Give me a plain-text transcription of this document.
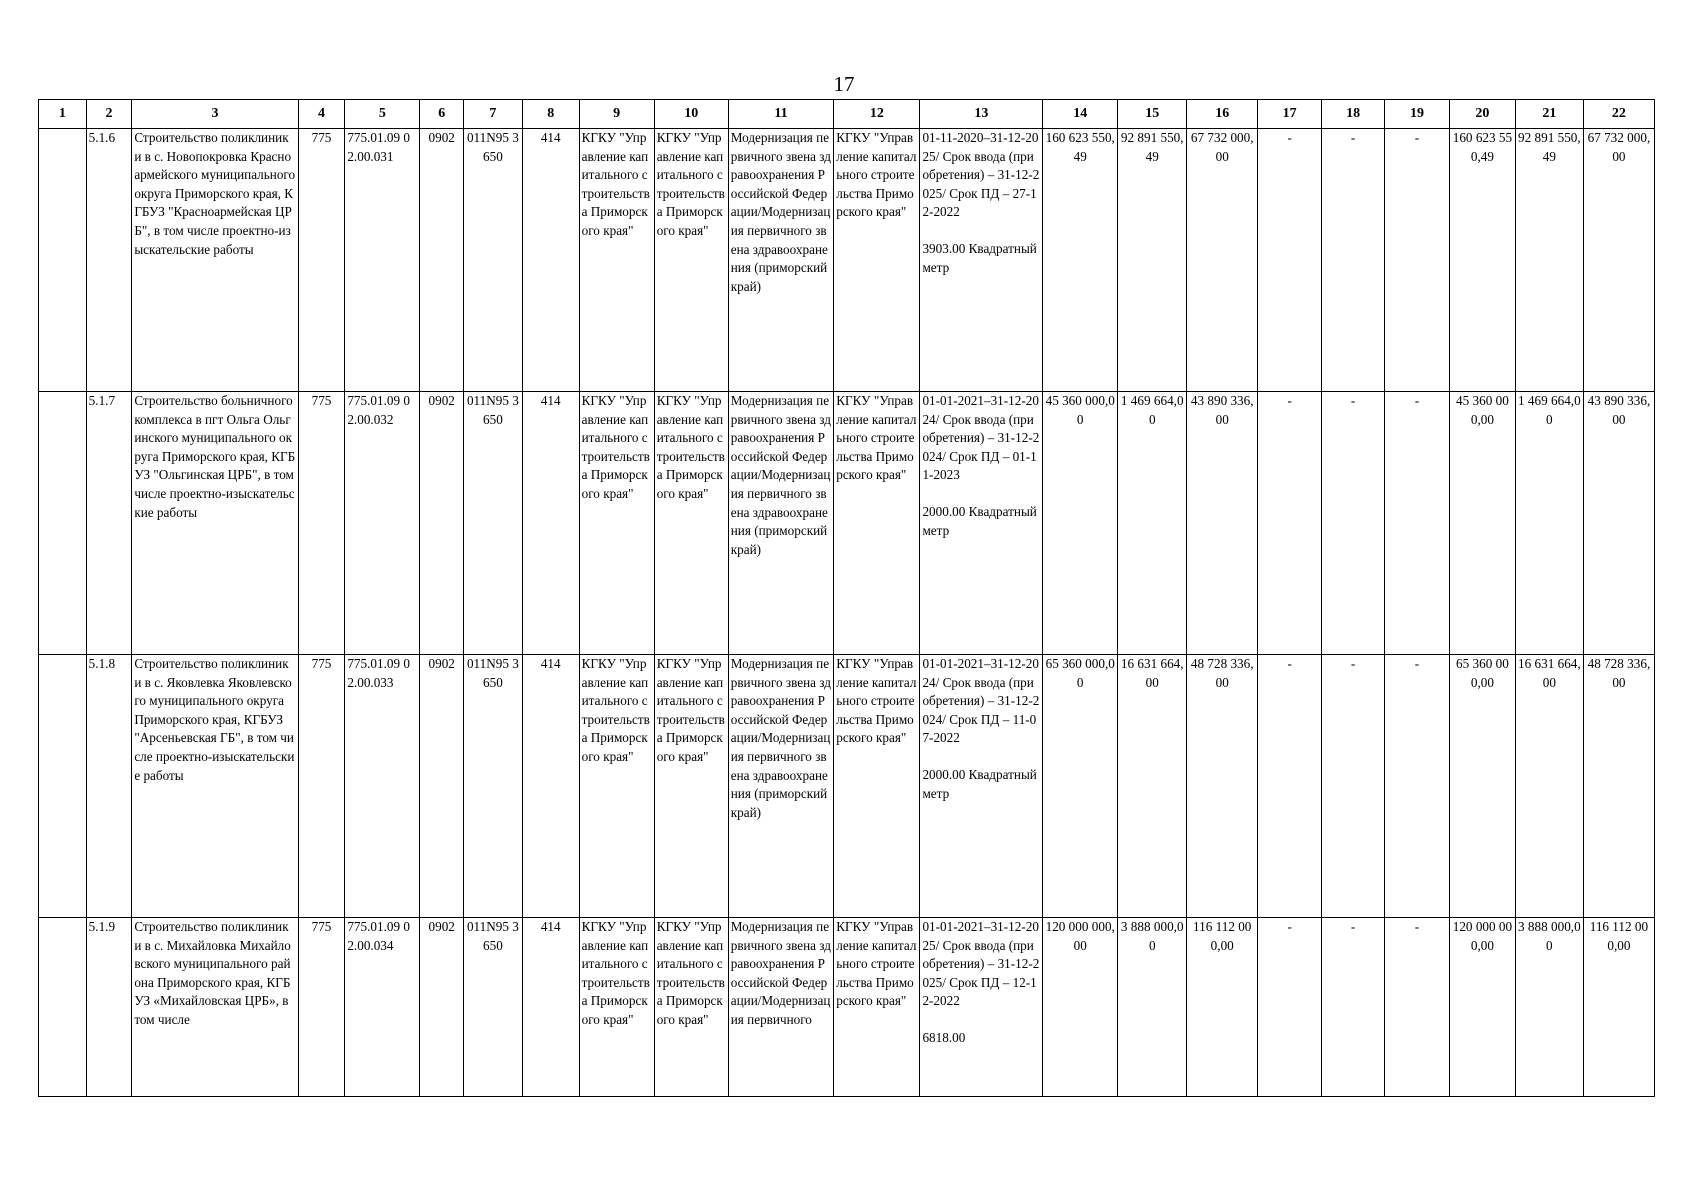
17
1	2	3	4	5	6	7	8	9	10	11	12	13	14	15	16	17	18	19	20	21	22
	5.1.6	Строительство поликлиники в с. Новопокровка Красноармейского муниципального округа Приморского края, КГБУЗ "Красноармейская ЦРБ", в том числе проектно-изыскательские работы	775	775.01.09 02.00.031	0902	011N95 3650	414	КГКУ "Управление капитального строительства Приморского края"	КГКУ "Управление капитального строительства Приморского края"	Модернизация первичного звена здравоохранения Российской Федерации/Модернизация первичного звена здравоохранения (приморский край)	КГКУ "Управление капитального строительства Приморского края"	01-11-2020–31-12-2025/ Срок ввода (приобретения) – 31-12-2025/ Срок ПД – 27-12-2022
3903.00 Квадратный метр	160 623 550,49	92 891 550,49	67 732 000,00	-	-	-	160 623 550,49	92 891 550,49	67 732 000,00
	5.1.7	Строительство больничного комплекса в пгт Ольга Ольгинского муниципального округа Приморского края, КГБУЗ "Ольгинская ЦРБ", в том числе проектно-изыскательские работы	775	775.01.09 02.00.032	0902	011N95 3650	414	КГКУ "Управление капитального строительства Приморского края"	КГКУ "Управление капитального строительства Приморского края"	Модернизация первичного звена здравоохранения Российской Федерации/Модернизация первичного звена здравоохранения (приморский край)	КГКУ "Управление капитального строительства Приморского края"	01-01-2021–31-12-2024/ Срок ввода (приобретения) – 31-12-2024/ Срок ПД – 01-11-2023
2000.00 Квадратный метр	45 360 000,00	1 469 664,00	43 890 336,00	-	-	-	45 360 000,00	1 469 664,00	43 890 336,00
	5.1.8	Строительство поликлиники в с. Яковлевка Яковлевского муниципального округа Приморского края, КГБУЗ "Арсеньевская ГБ", в том числе проектно-изыскательские работы	775	775.01.09 02.00.033	0902	011N95 3650	414	КГКУ "Управление капитального строительства Приморского края"	КГКУ "Управление капитального строительства Приморского края"	Модернизация первичного звена здравоохранения Российской Федерации/Модернизация первичного звена здравоохранения (приморский край)	КГКУ "Управление капитального строительства Приморского края"	01-01-2021–31-12-2024/ Срок ввода (приобретения) – 31-12-2024/ Срок ПД – 11-07-2022
2000.00 Квадратный метр	65 360 000,00	16 631 664,00	48 728 336,00	-	-	-	65 360 000,00	16 631 664,00	48 728 336,00
	5.1.9	Строительство поликлиники в с. Михайловка Михайловского муниципального района Приморского края, КГБУЗ «Михайловская ЦРБ», в том числе	775	775.01.09 02.00.034	0902	011N95 3650	414	КГКУ "Управление капитального строительства Приморского края"	КГКУ "Управление капитального строительства Приморского края"	Модернизация первичного звена здравоохранения Российской Федерации/Модернизация первичного	КГКУ "Управление капитального строительства Приморского края"	01-01-2021–31-12-2025/ Срок ввода (приобретения) – 31-12-2025/ Срок ПД – 12-12-2022
6818.00	120 000 000,00	3 888 000,00	116 112 000,00	-	-	-	120 000 000,00	3 888 000,00	116 112 000,00
